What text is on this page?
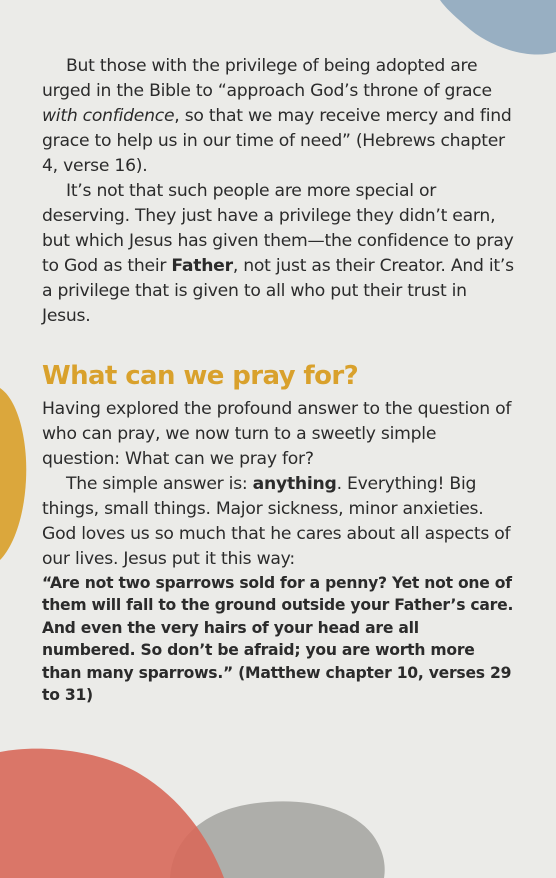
But those with the privilege of being adopted are urged in the Bible to “approach God’s throne of grace with confidence, so that we may receive mercy and find grace to help us in our time of need” (Hebrews chapter 4, verse 16).

It’s not that such people are more special or deserving. They just have a privilege they didn’t earn, but which Jesus has given them—the confidence to pray to God as their Father, not just as their Creator. And it’s a privilege that is given to all who put their trust in Jesus.

What can we pray for?

Having explored the profound answer to the question of who can pray, we now turn to a sweetly simple question: What can we pray for?

The simple answer is: anything. Everything! Big things, small things. Major sickness, minor anxieties. God loves us so much that he cares about all aspects of our lives. Jesus put it this way:

“Are not two sparrows sold for a penny? Yet not one of them will fall to the ground outside your Father’s care. And even the very hairs of your head are all numbered. So don’t be afraid; you are worth more than many sparrows.” (Matthew chapter 10, verses 29 to 31)
